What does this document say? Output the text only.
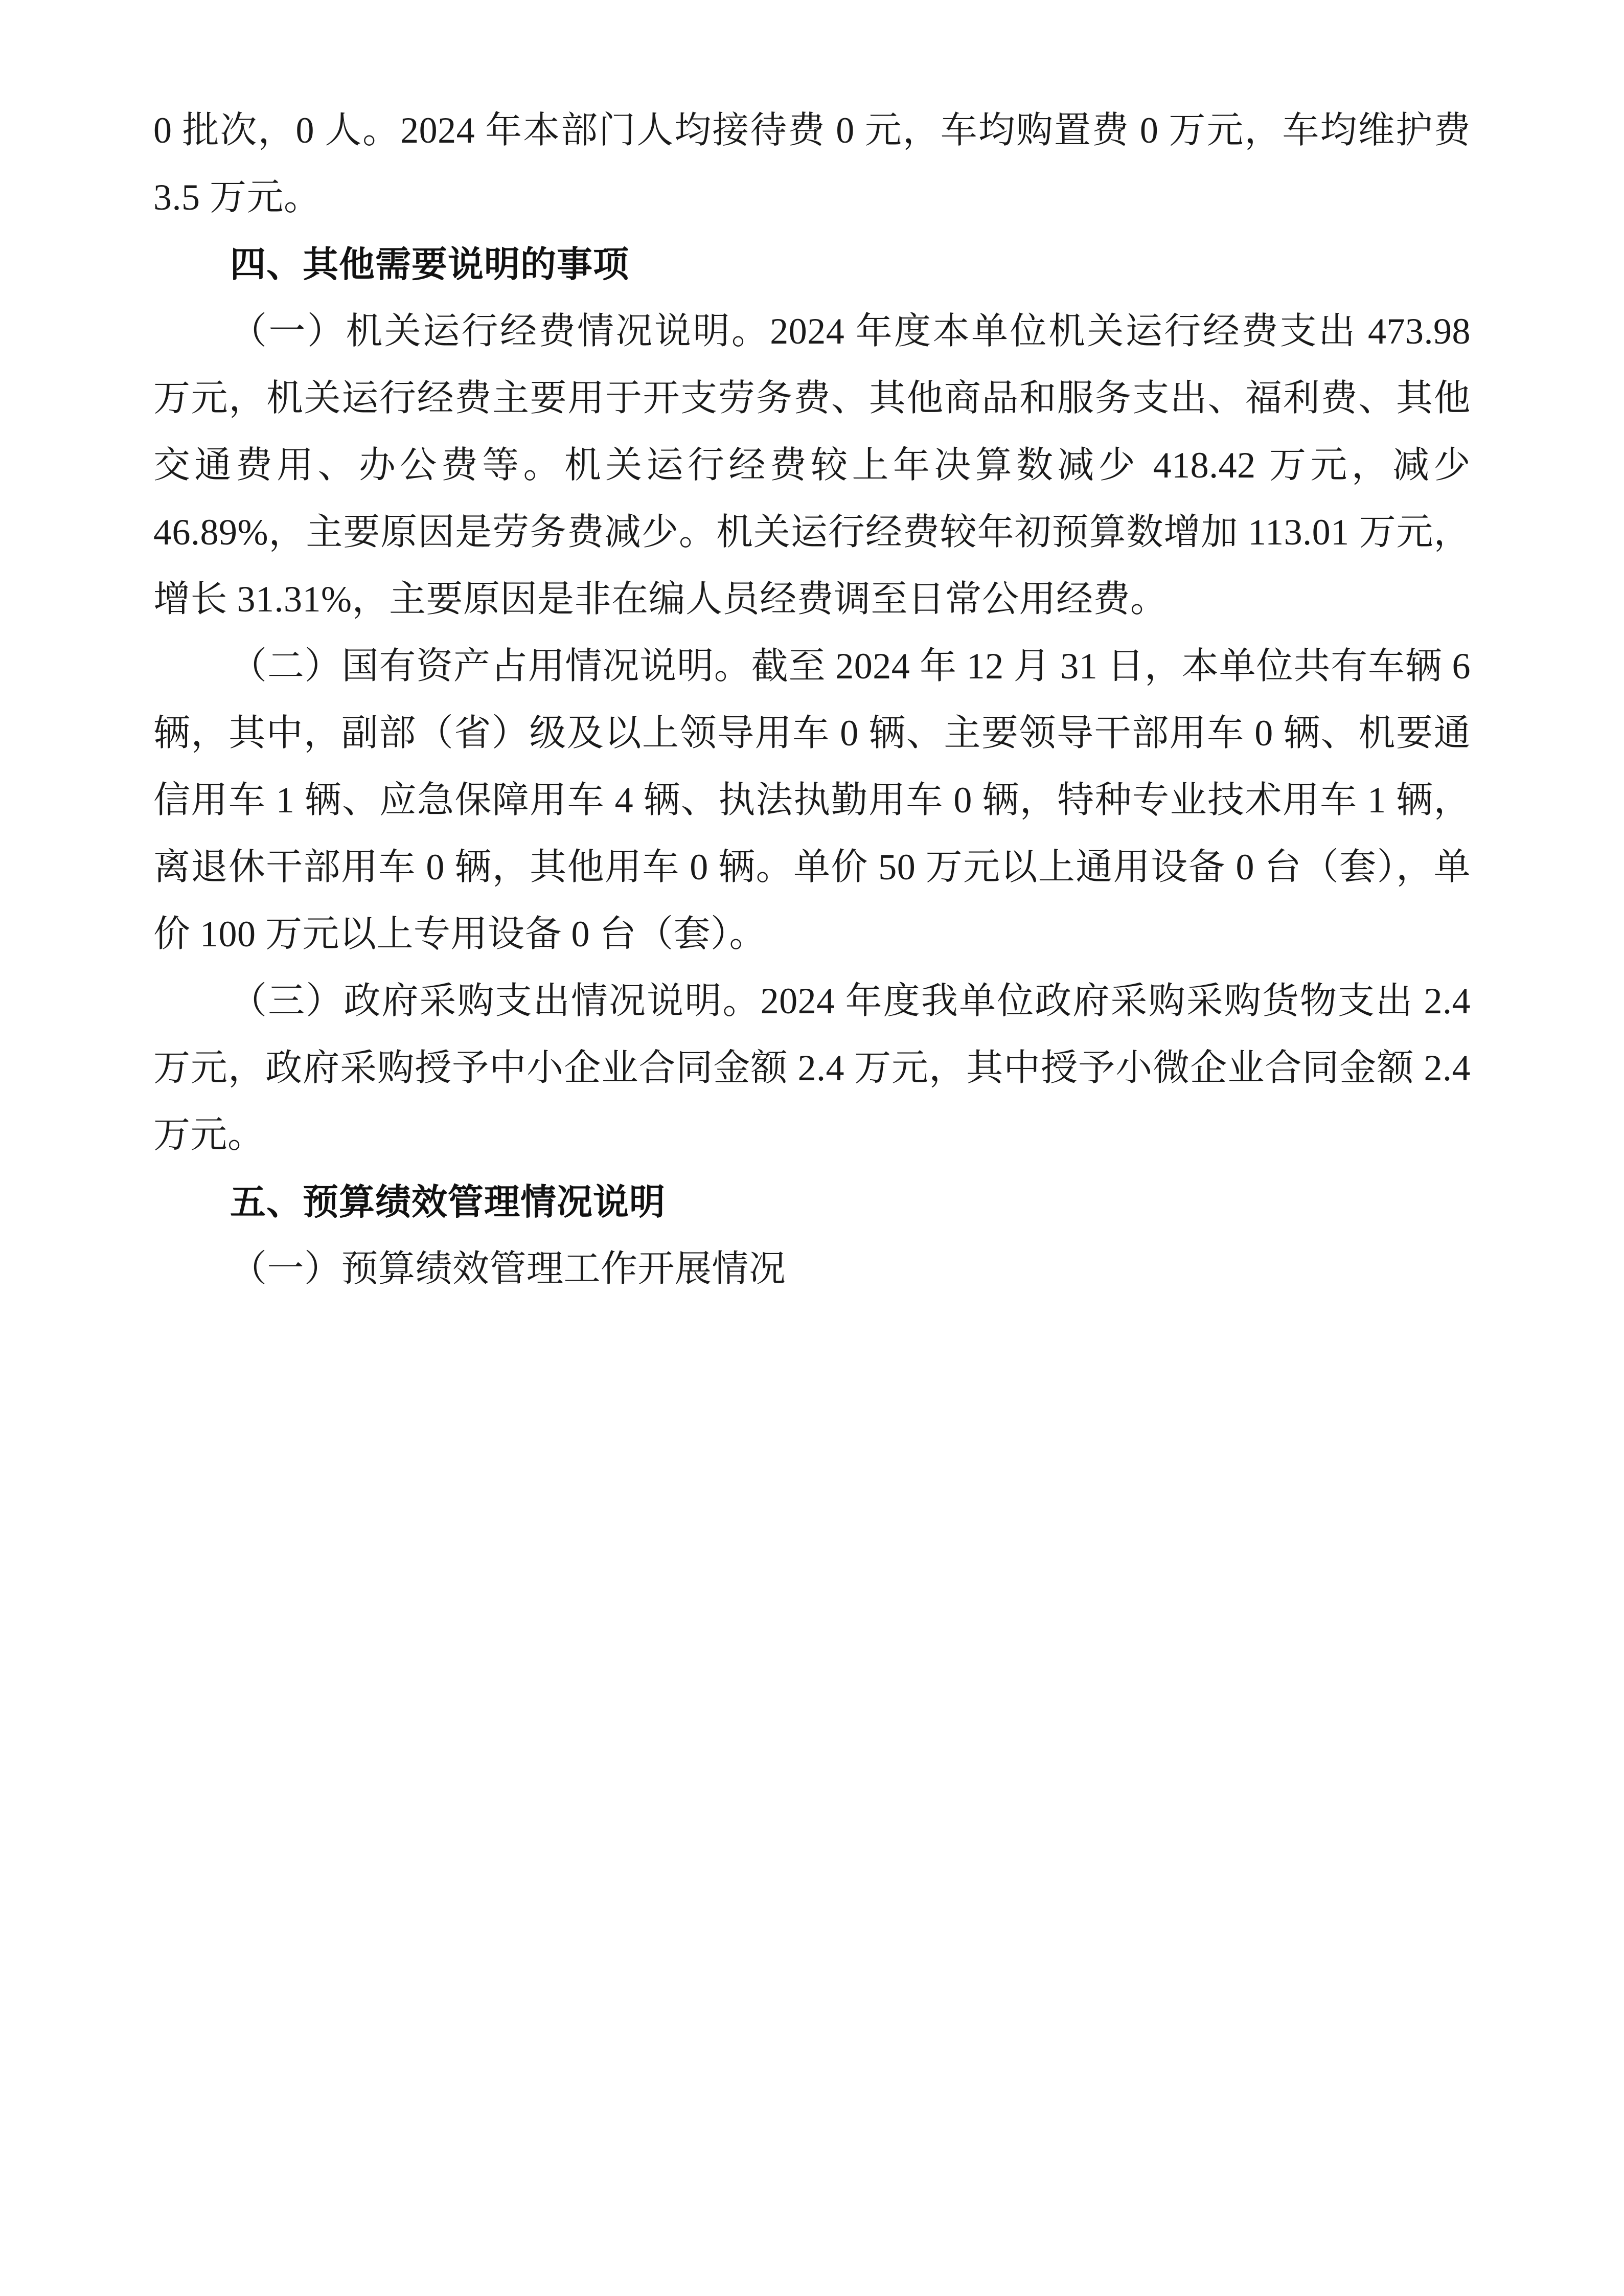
0 批次，0 人。2024 年本部门人均接待费 0 元，车均购置费 0 万元，车均维护费 3.5 万元。

四、其他需要说明的事项

（一）机关运行经费情况说明。2024 年度本单位机关运行经费支出 473.98 万元，机关运行经费主要用于开支劳务费、其他商品和服务支出、福利费、其他交通费用、办公费等。机关运行经费较上年决算数减少 418.42 万元，减少 46.89%，主要原因是劳务费减少。机关运行经费较年初预算数增加 113.01 万元，增长 31.31%，主要原因是非在编人员经费调至日常公用经费。

（二）国有资产占用情况说明。截至 2024 年 12 月 31 日，本单位共有车辆 6 辆，其中，副部（省）级及以上领导用车 0 辆、主要领导干部用车 0 辆、机要通信用车 1 辆、应急保障用车 4 辆、执法执勤用车 0 辆，特种专业技术用车 1 辆，离退休干部用车 0 辆，其他用车 0 辆。单价 50 万元以上通用设备 0 台（套），单价 100 万元以上专用设备 0 台（套）。

（三）政府采购支出情况说明。2024 年度我单位政府采购采购货物支出 2.4 万元，政府采购授予中小企业合同金额 2.4 万元，其中授予小微企业合同金额 2.4 万元。

五、预算绩效管理情况说明

（一）预算绩效管理工作开展情况
